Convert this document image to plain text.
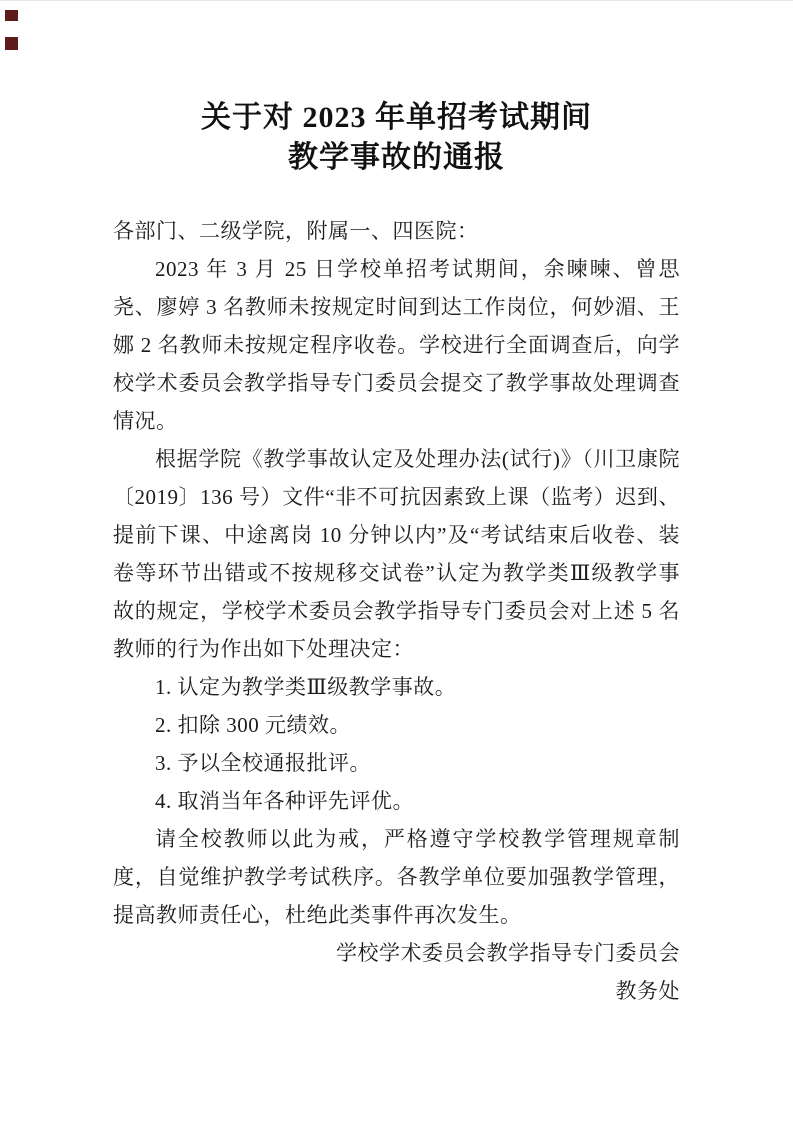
关于对 2023 年单招考试期间
教学事故的通报

各部门、二级学院，附属一、四医院：

2023 年 3 月 25 日学校单招考试期间，余暕暕、曾思尧、廖婷 3 名教师未按规定时间到达工作岗位，何妙湄、王娜 2 名教师未按规定程序收卷。学校进行全面调查后，向学校学术委员会教学指导专门委员会提交了教学事故处理调查情况。

根据学院《教学事故认定及处理办法(试行)》（川卫康院〔2019〕136 号）文件“非不可抗因素致上课（监考）迟到、提前下课、中途离岗 10 分钟以内”及“考试结束后收卷、装卷等环节出错或不按规移交试卷”认定为教学类Ⅲ级教学事故的规定，学校学术委员会教学指导专门委员会对上述 5 名教师的行为作出如下处理决定：

1. 认定为教学类Ⅲ级教学事故。

2. 扣除 300 元绩效。

3. 予以全校通报批评。

4. 取消当年各种评先评优。

请全校教师以此为戒，严格遵守学校教学管理规章制度，自觉维护教学考试秩序。各教学单位要加强教学管理，提高教师责任心，杜绝此类事件再次发生。

学校学术委员会教学指导专门委员会

教务处
